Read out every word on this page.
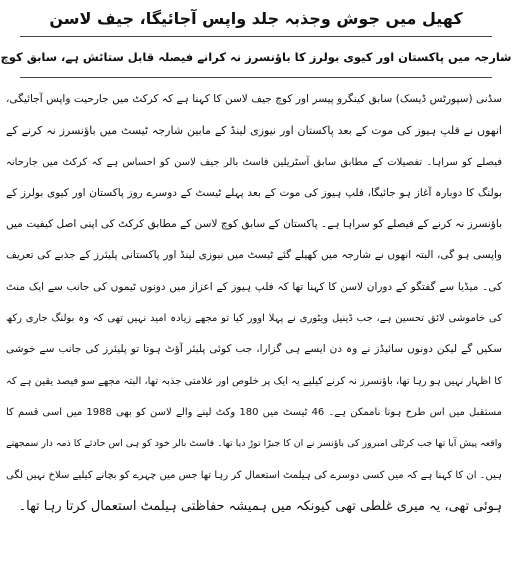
کھیل میں جوش وجذبہ جلد واپس آجائیگا، جیف لاسن
شارجہ میں پاکستان اور کیوی بولرز کا باؤنسرز نہ کرانے فیصلہ قابل ستائش ہے، سابق کوچ
سڈنی (سپورٹس ڈیسک) سابق کینگرو پیسر اور کوچ جیف لاسن کا کہنا ہے کہ کرکٹ میں جارحیت واپس آجائیگی،
انھوں نے فلپ ہیوز کی موت کے بعد پاکستان اور نیوزی لینڈ کے مابین شارجہ ٹیسٹ میں باؤنسرز نہ کرنے کے
فیصلے کو سراہا۔ تفصیلات کے مطابق سابق آسٹریلین فاسٹ بالر جیف لاسن کو احساس ہے کہ کرکٹ میں جارحانہ
بولنگ کا دوبارہ آغاز ہو جائیگا، فلپ ہیوز کی موت کے بعد پہلے ٹیسٹ کے دوسرے روز پاکستان اور کیوی بولرز کے
باؤنسرز نہ کرنے کے فیصلے کو سراہا ہے۔ پاکستان کے سابق کوچ لاسن کے مطابق کرکٹ کی اپنی اصل کیفیت میں
واپسی ہو گی، البتہ انھوں نے شارجہ میں کھیلے گئے ٹیسٹ میں نیوزی لینڈ اور پاکستانی پلیئرز کے جذبے کی تعریف
کی۔ میڈیا سے گفتگو کے دوران لاسن کا کہنا تھا کہ فلپ ہیوز کے اعزاز میں دونوں ٹیموں کی جانب سے ایک منٹ
کی خاموشی لائق تحسین ہے، جب ڈینیل ویٹوری نے پہلا اوور کیا تو مجھے زیادہ امید نہیں تھی کہ وہ بولنگ جاری رکھ
سکیں گے لیکن دونوں سائیڈز نے وہ دن ایسے ہی گزارا، جب کوئی پلیئر آؤٹ ہوتا تو پلیئرز کی جانب سے خوشی
کا اظہار نہیں ہو رہا تھا، باؤنسرز نہ کرنے کیلیے یہ ایک پر خلوص اور علامتی جذبہ تھا، البتہ مجھے سو فیصد یقین ہے کہ
مستقبل میں اس طرح ہونا ناممکن ہے۔ 46 ٹیسٹ میں 180 وکٹ لینے والے لاسن کو بھی 1988 میں اسی قسم کا
واقعہ پیش آیا تھا جب کرٹلی امبروز کی باؤنسر نے ان کا جبڑا توڑ دیا تھا۔ فاسٹ بالر خود کو ہی اس حادثے کا ذمہ دار سمجھتے
ہیں۔ ان کا کہنا ہے کہ میں کسی دوسرے کی ہیلمٹ استعمال کر رہا تھا جس میں چہرے کو بچانے کیلیے سلاخ نہیں لگی
ہوئی تھی، یہ میری غلطی تھی کیونکہ میں ہمیشہ حفاظتی ہیلمٹ استعمال کرتا رہا تھا۔
